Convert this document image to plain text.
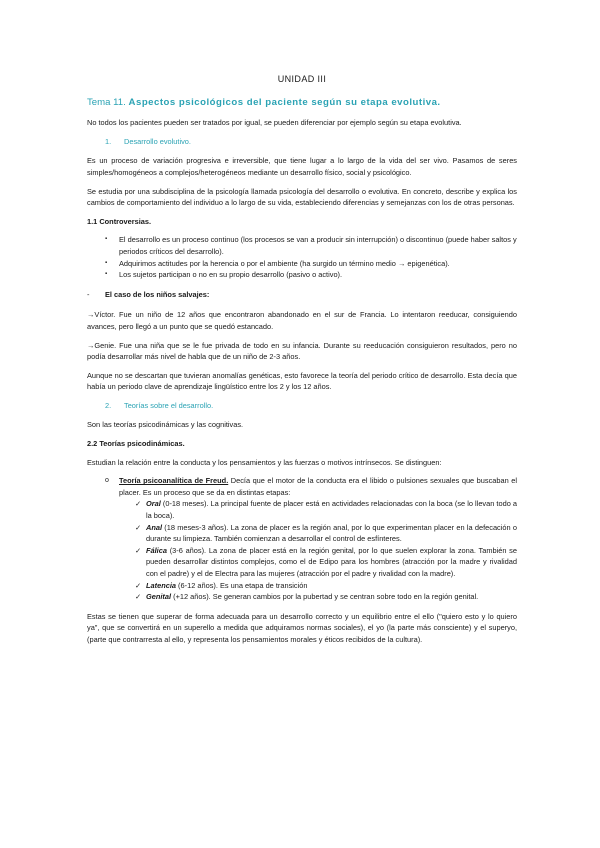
UNIDAD III
Tema 11. Aspectos psicológicos del paciente según su etapa evolutiva.

No todos los pacientes pueden ser tratados por igual, se pueden diferenciar por ejemplo según su etapa evolutiva.

1. Desarrollo evolutivo.

Es un proceso de variación progresiva e irreversible, que tiene lugar a lo largo de la vida del ser vivo. Pasamos de seres simples/homogéneos a complejos/heterogéneos mediante un desarrollo físico, social y psicológico.

Se estudia por una subdisciplina de la psicología llamada psicología del desarrollo o evolutiva. En concreto, describe y explica los cambios de comportamiento del individuo a lo largo de su vida, estableciendo diferencias y semejanzas con los de otras personas.

1.1 Controversias.
▪ El desarrollo es un proceso continuo (los procesos se van a producir sin interrupción) o discontinuo (puede haber saltos y periodos críticos del desarrollo).
▪ Adquirimos actitudes por la herencia o por el ambiente (ha surgido un término medio → epigenética).
▪ Los sujetos participan o no en su propio desarrollo (pasivo o activo).
- El caso de los niños salvajes:

→Víctor. Fue un niño de 12 años que encontraron abandonado en el sur de Francia. Lo intentaron reeducar, consiguiendo avances, pero llegó a un punto que se quedó estancado.

→Genie. Fue una niña que se le fue privada de todo en su infancia. Durante su reeducación consiguieron resultados, pero no podía desarrollar más nivel de habla que de un niño de 2-3 años.

Aunque no se descartan que tuvieran anomalías genéticas, esto favorece la teoría del periodo crítico de desarrollo. Esta decía que había un periodo clave de aprendizaje lingüístico entre los 2 y los 12 años.

2. Teorías sobre el desarrollo.

Son las teorías psicodinámicas y las cognitivas.

2.2 Teorías psicodinámicas.

Estudian la relación entre la conducta y los pensamientos y las fuerzas o motivos intrínsecos. Se distinguen:

o Teoría psicoanalítica de Freud. Decía que el motor de la conducta era el libido o pulsiones sexuales que buscaban el placer. Es un proceso que se da en distintas etapas:
✓ Oral (0-18 meses). La principal fuente de placer está en actividades relacionadas con la boca (se lo llevan todo a la boca).
✓ Anal (18 meses-3 años). La zona de placer es la región anal, por lo que experimentan placer en la defecación o durante su limpieza. También comienzan a desarrollar el control de esfínteres.
✓ Fálica (3-6 años). La zona de placer está en la región genital, por lo que suelen explorar la zona. También se pueden desarrollar distintos complejos, como el de Edipo para los hombres (atracción por la madre y rivalidad con el padre) y el de Electra para las mujeres (atracción por el padre y rivalidad con la madre).
✓ Latencia (6-12 años). Es una etapa de transición
✓ Genital (+12 años). Se generan cambios por la pubertad y se centran sobre todo en la región genital.

Estas se tienen que superar de forma adecuada para un desarrollo correcto y un equilibrio entre el ello ("quiero esto y lo quiero ya", que se convertirá en un superello a medida que adquiramos normas sociales), el yo (la parte más consciente) y el superyo, (parte que contrarresta al ello, y representa los pensamientos morales y éticos recibidos de la cultura).
